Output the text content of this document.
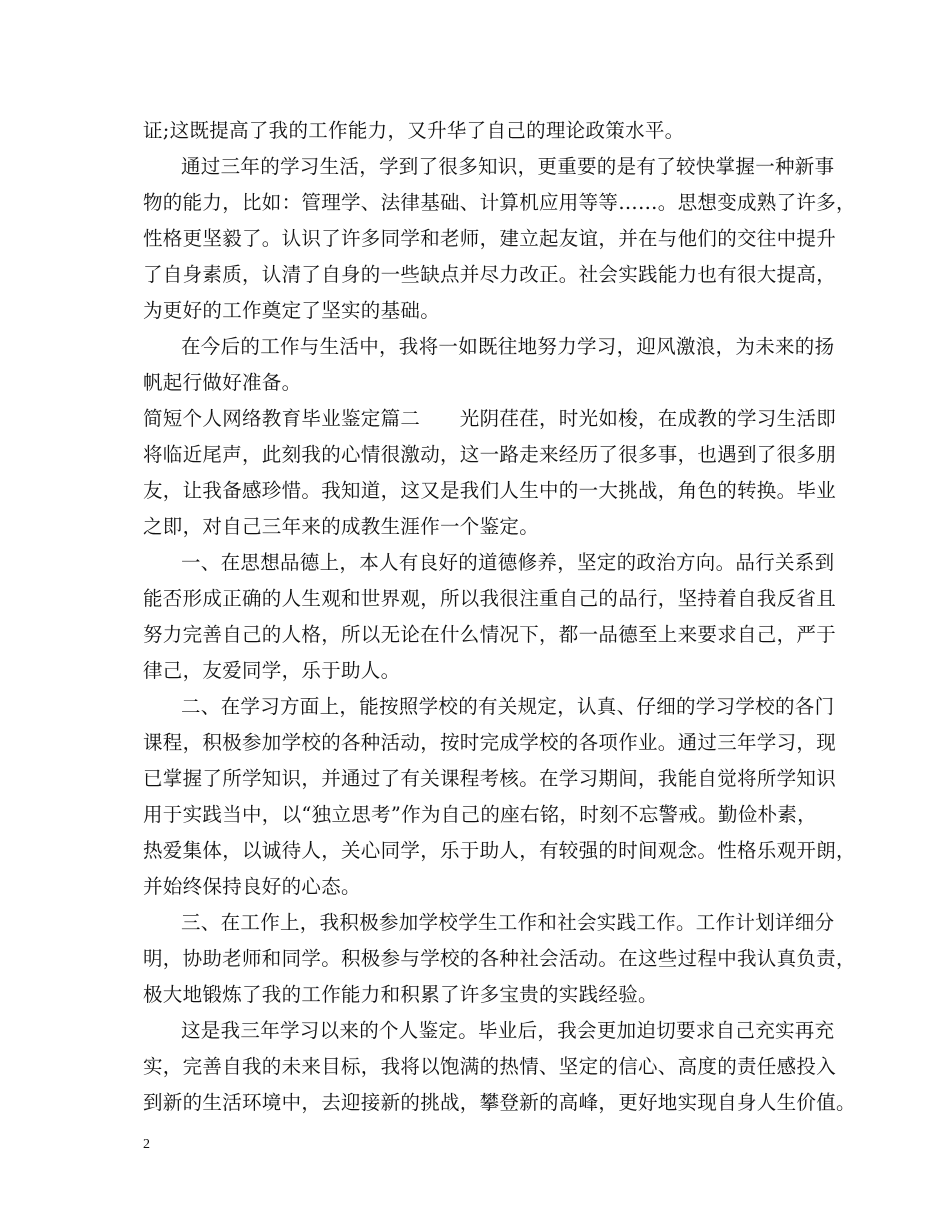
证;这既提高了我的工作能力，又升华了自己的理论政策水平。
通过三年的学习生活，学到了很多知识，更重要的是有了较快掌握一种新事
物的能力，比如：管理学、法律基础、计算机应用等等……。思想变成熟了许多，
性格更坚毅了。认识了许多同学和老师，建立起友谊，并在与他们的交往中提升
了自身素质，认清了自身的一些缺点并尽力改正。社会实践能力也有很大提高，
为更好的工作奠定了坚实的基础。
在今后的工作与生活中，我将一如既往地努力学习，迎风激浪，为未来的扬
帆起行做好准备。
简短个人网络教育毕业鉴定篇二　　光阴荏荏，时光如梭，在成教的学习生活即
将临近尾声，此刻我的心情很激动，这一路走来经历了很多事，也遇到了很多朋
友，让我备感珍惜。我知道，这又是我们人生中的一大挑战，角色的转换。毕业
之即，对自己三年来的成教生涯作一个鉴定。
一、在思想品德上，本人有良好的道德修养，坚定的政治方向。品行关系到
能否形成正确的人生观和世界观，所以我很注重自己的品行，坚持着自我反省且
努力完善自己的人格，所以无论在什么情况下，都一品德至上来要求自己，严于
律己，友爱同学，乐于助人。
二、在学习方面上，能按照学校的有关规定，认真、仔细的学习学校的各门
课程，积极参加学校的各种活动，按时完成学校的各项作业。通过三年学习，现
已掌握了所学知识，并通过了有关课程考核。在学习期间，我能自觉将所学知识
用于实践当中，以“独立思考”作为自己的座右铭，时刻不忘警戒。勤俭朴素，
热爱集体，以诚待人，关心同学，乐于助人，有较强的时间观念。性格乐观开朗，
并始终保持良好的心态。
三、在工作上，我积极参加学校学生工作和社会实践工作。工作计划详细分
明，协助老师和同学。积极参与学校的各种社会活动。在这些过程中我认真负责，
极大地锻炼了我的工作能力和积累了许多宝贵的实践经验。
这是我三年学习以来的个人鉴定。毕业后，我会更加迫切要求自己充实再充
实，完善自我的未来目标，我将以饱满的热情、坚定的信心、高度的责任感投入
到新的生活环境中，去迎接新的挑战，攀登新的高峰，更好地实现自身人生价值。
2
